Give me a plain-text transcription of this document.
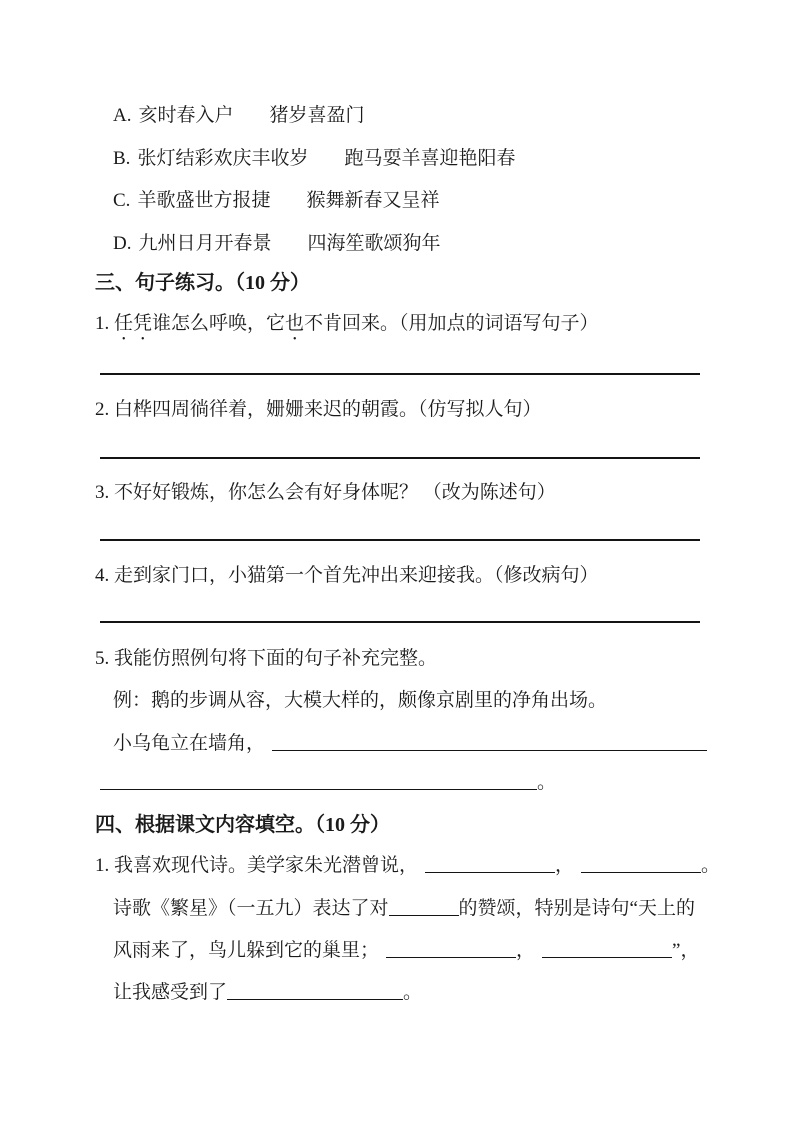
A. 亥时春入户 猪岁喜盈门
B. 张灯结彩欢庆丰收岁 跑马耍羊喜迎艳阳春
C. 羊歌盛世方报捷 猴舞新春又呈祥
D. 九州日月开春景 四海笙歌颂狗年
三、句子练习。（10 分）
1. 任凭谁怎么呼唤，它也不肯回来。（用加点的词语写句子）
2. 白桦四周徜徉着，姗姗来迟的朝霞。（仿写拟人句）
3. 不好好锻炼，你怎么会有好身体呢？ （改为陈述句）
4. 走到家门口，小猫第一个首先冲出来迎接我。（修改病句）
5. 我能仿照例句将下面的句子补充完整。
例：鹅的步调从容，大模大样的，颇像京剧里的净角出场。
小乌龟立在墙角，
。
四、根据课文内容填空。（10 分）
1. 我喜欢现代诗。美学家朱光潜曾说，	，	。
诗歌《繁星》（一五九）表达了对	的赞颂，特别是诗句“天上的
风雨来了，鸟儿躲到它的巢里；	，	”，
让我感受到了	。
